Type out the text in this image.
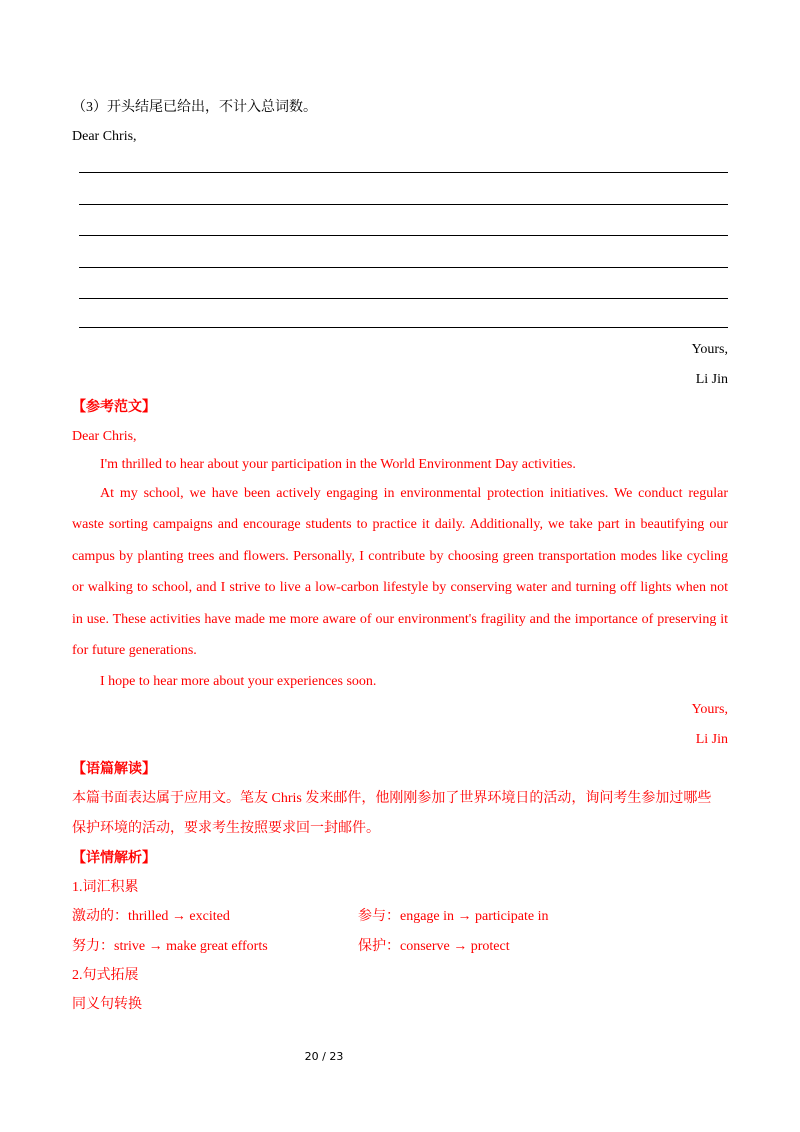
（3）开头结尾已给出，不计入总词数。
Dear Chris,
Yours,
Li Jin
【参考范文】
Dear Chris,
I'm thrilled to hear about your participation in the World Environment Day activities.
At my school, we have been actively engaging in environmental protection initiatives. We conduct regular waste sorting campaigns and encourage students to practice it daily. Additionally, we take part in beautifying our campus by planting trees and flowers. Personally, I contribute by choosing green transportation modes like cycling or walking to school, and I strive to live a low-carbon lifestyle by conserving water and turning off lights when not in use. These activities have made me more aware of our environment's fragility and the importance of preserving it for future generations.
I hope to hear more about your experiences soon.
Yours,
Li Jin
【语篇解读】
本篇书面表达属于应用文。笔友 Chris 发来邮件，他刚刚参加了世界环境日的活动，询问考生参加过哪些
保护环境的活动，要求考生按照要求回一封邮件。
【详情解析】
1.词汇积累
激动的：thrilled → excited	参与：engage in → participate in
努力：strive → make great efforts	保护：conserve → protect
2.句式拓展
同义句转换
20 / 23
